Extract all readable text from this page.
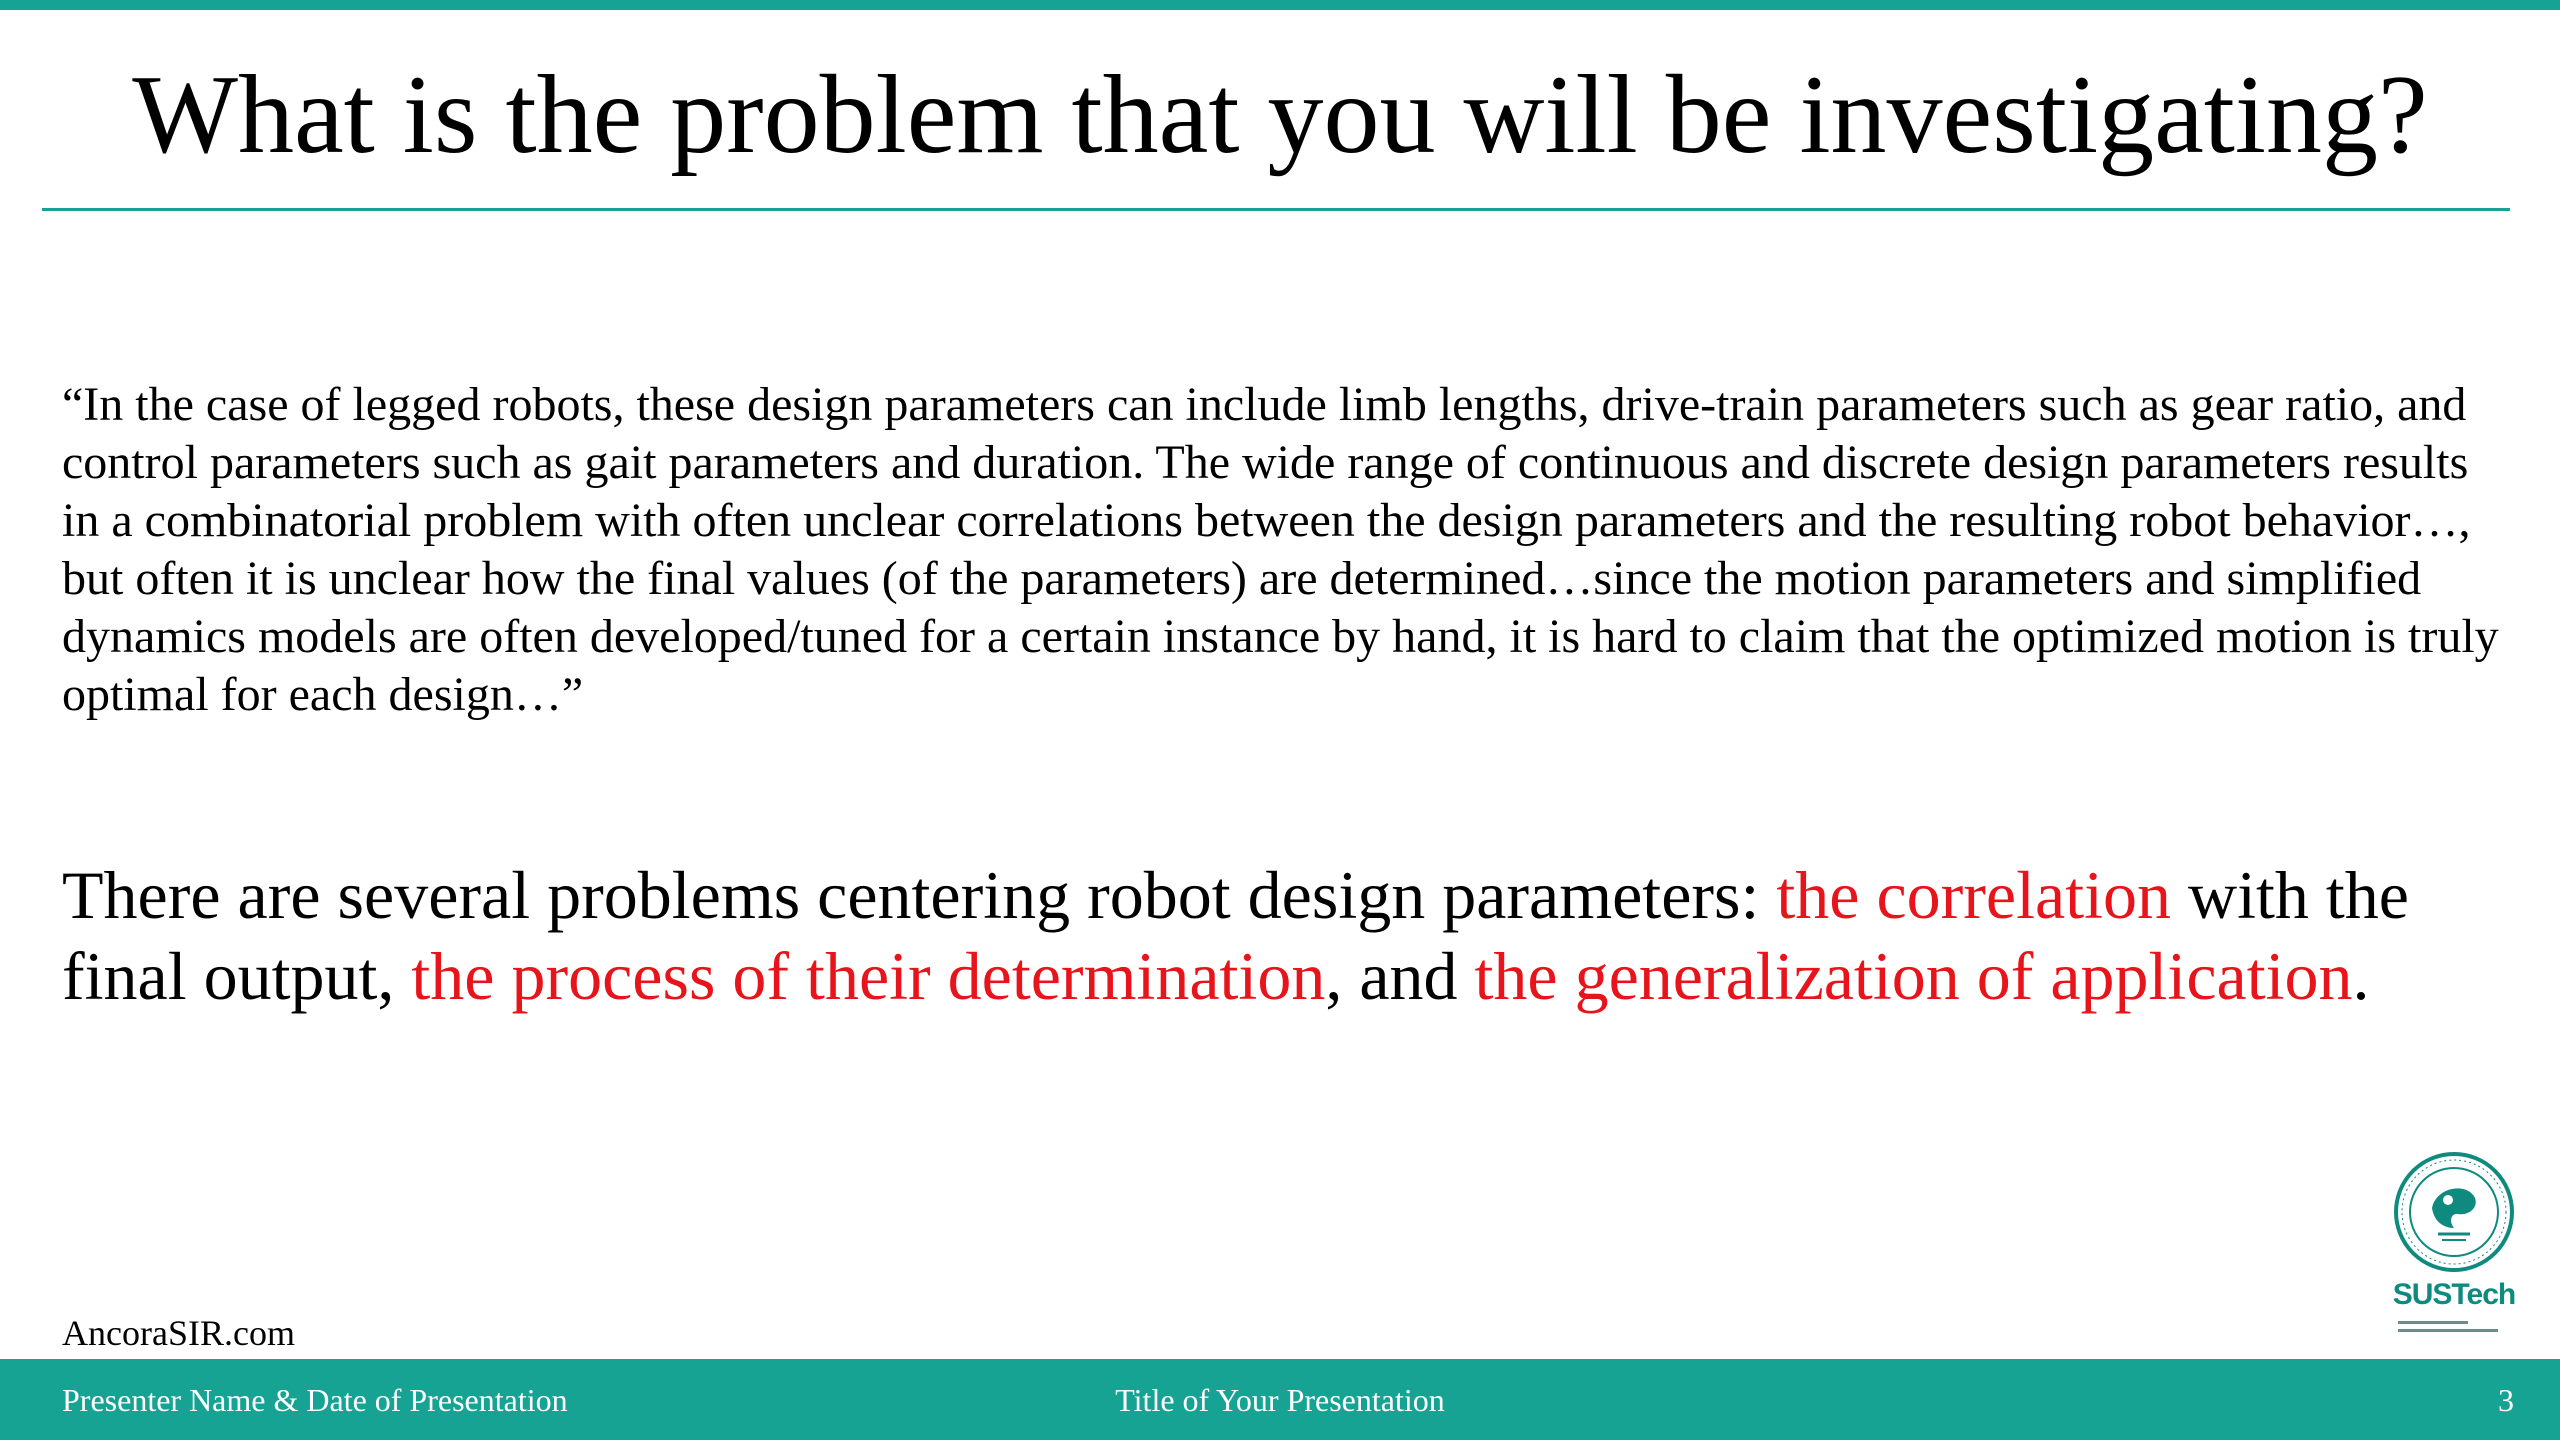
What is the problem that you will be investigating?

“In the case of legged robots, these design parameters can include limb lengths, drive-train parameters such as gear ratio, and control parameters such as gait parameters and duration. The wide range of continuous and discrete design parameters results in a combinatorial problem with often unclear correlations between the design parameters and the resulting robot behavior…, but often it is unclear how the final values (of the parameters) are determined…since the motion parameters and simplified dynamics models are often developed/tuned for a certain instance by hand, it is hard to claim that the optimized motion is truly optimal for each design…”

There are several problems centering robot design parameters: the correlation with the final output, the process of their determination, and the generalization of application.

AncoraSIR.com
SUSTech
Presenter Name & Date of Presentation	Title of Your Presentation	3
